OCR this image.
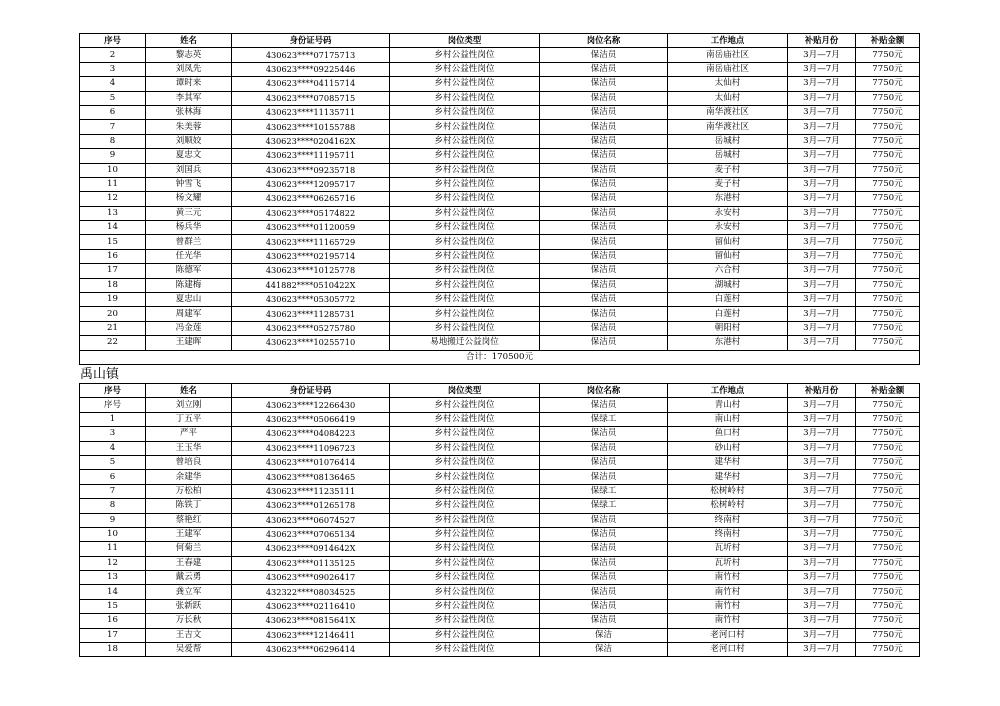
序号	姓名	身份证号码	岗位类型	岗位名称	工作地点	补贴月份	补贴金额
2	黎志英	430623****07175713	乡村公益性岗位	保洁员	南岳庙社区	3月—7月	7750元
3	刘凤先	430623****09225446	乡村公益性岗位	保洁员	南岳庙社区	3月—7月	7750元
4	谭时来	430623****04115714	乡村公益性岗位	保洁员	太仙村	3月—7月	7750元
5	李其军	430623****07085715	乡村公益性岗位	保洁员	太仙村	3月—7月	7750元
6	张林海	430623****11135711	乡村公益性岗位	保洁员	南华渡社区	3月—7月	7750元
7	朱美蓉	430623****10155788	乡村公益性岗位	保洁员	南华渡社区	3月—7月	7750元
8	刘顺姣	430623****0204162X	乡村公益性岗位	保洁员	岳城村	3月—7月	7750元
9	夏忠文	430623****11195711	乡村公益性岗位	保洁员	岳城村	3月—7月	7750元
10	刘国兵	430623****09235718	乡村公益性岗位	保洁员	麦子村	3月—7月	7750元
11	钟雪飞	430623****12095717	乡村公益性岗位	保洁员	麦子村	3月—7月	7750元
12	杨文耀	430623****06265716	乡村公益性岗位	保洁员	东港村	3月—7月	7750元
13	黄三元	430623****05174822	乡村公益性岗位	保洁员	永安村	3月—7月	7750元
14	杨兵华	430623****01120059	乡村公益性岗位	保洁员	永安村	3月—7月	7750元
15	曾群兰	430623****11165729	乡村公益性岗位	保洁员	留仙村	3月—7月	7750元
16	任光华	430623****02195714	乡村公益性岗位	保洁员	留仙村	3月—7月	7750元
17	陈德军	430623****10125778	乡村公益性岗位	保洁员	六合村	3月—7月	7750元
18	陈建梅	441882****0510422X	乡村公益性岗位	保洁员	湖城村	3月—7月	7750元
19	夏忠山	430623****05305772	乡村公益性岗位	保洁员	白莲村	3月—7月	7750元
20	周建军	430623****11285731	乡村公益性岗位	保洁员	白莲村	3月—7月	7750元
21	冯金莲	430623****05275780	乡村公益性岗位	保洁员	朝阳村	3月—7月	7750元
22	王建晖	430623****10255710	易地搬迁公益岗位	保洁员	东港村	3月—7月	7750元
合计：170500元							
禹山镇
序号	姓名	身份证号码	岗位类型	岗位名称	工作地点	补贴月份	补贴金额
序号	刘立刚	430623****12266430	乡村公益性岗位	保洁员	青山村	3月—7月	7750元
1	丁五平	430623****05066419	乡村公益性岗位	保绿工	南山村	3月—7月	7750元
3	严平	430623****04084223	乡村公益性岗位	保洁员	鱼口村	3月—7月	7750元
4	王玉华	430623****11096723	乡村公益性岗位	保洁员	砂山村	3月—7月	7750元
5	曾培良	430623****01076414	乡村公益性岗位	保洁员	建华村	3月—7月	7750元
6	余建华	430623****08136465	乡村公益性岗位	保洁员	建华村	3月—7月	7750元
7	万松柏	430623****11235111	乡村公益性岗位	保绿工	松树岭村	3月—7月	7750元
8	陈铁丁	430623****01265178	乡村公益性岗位	保绿工	松树岭村	3月—7月	7750元
9	蔡艳红	430623****06074527	乡村公益性岗位	保洁员	终南村	3月—7月	7750元
10	王建军	430623****07065134	乡村公益性岗位	保洁员	终南村	3月—7月	7750元
11	何菊兰	430623****0914642X	乡村公益性岗位	保洁员	瓦圻村	3月—7月	7750元
12	王春建	430623****01135125	乡村公益性岗位	保洁员	瓦圻村	3月—7月	7750元
13	戴云勇	430623****09026417	乡村公益性岗位	保洁员	南竹村	3月—7月	7750元
14	龚立军	432322****08034525	乡村公益性岗位	保洁员	南竹村	3月—7月	7750元
15	张新跃	430623****02116410	乡村公益性岗位	保洁员	南竹村	3月—7月	7750元
16	万长秋	430623****0815641X	乡村公益性岗位	保洁员	南竹村	3月—7月	7750元
17	王吉文	430623****12146411	乡村公益性岗位	保洁	老河口村	3月—7月	7750元
18	吴爱帮	430623****06296414	乡村公益性岗位	保洁	老河口村	3月—7月	7750元
